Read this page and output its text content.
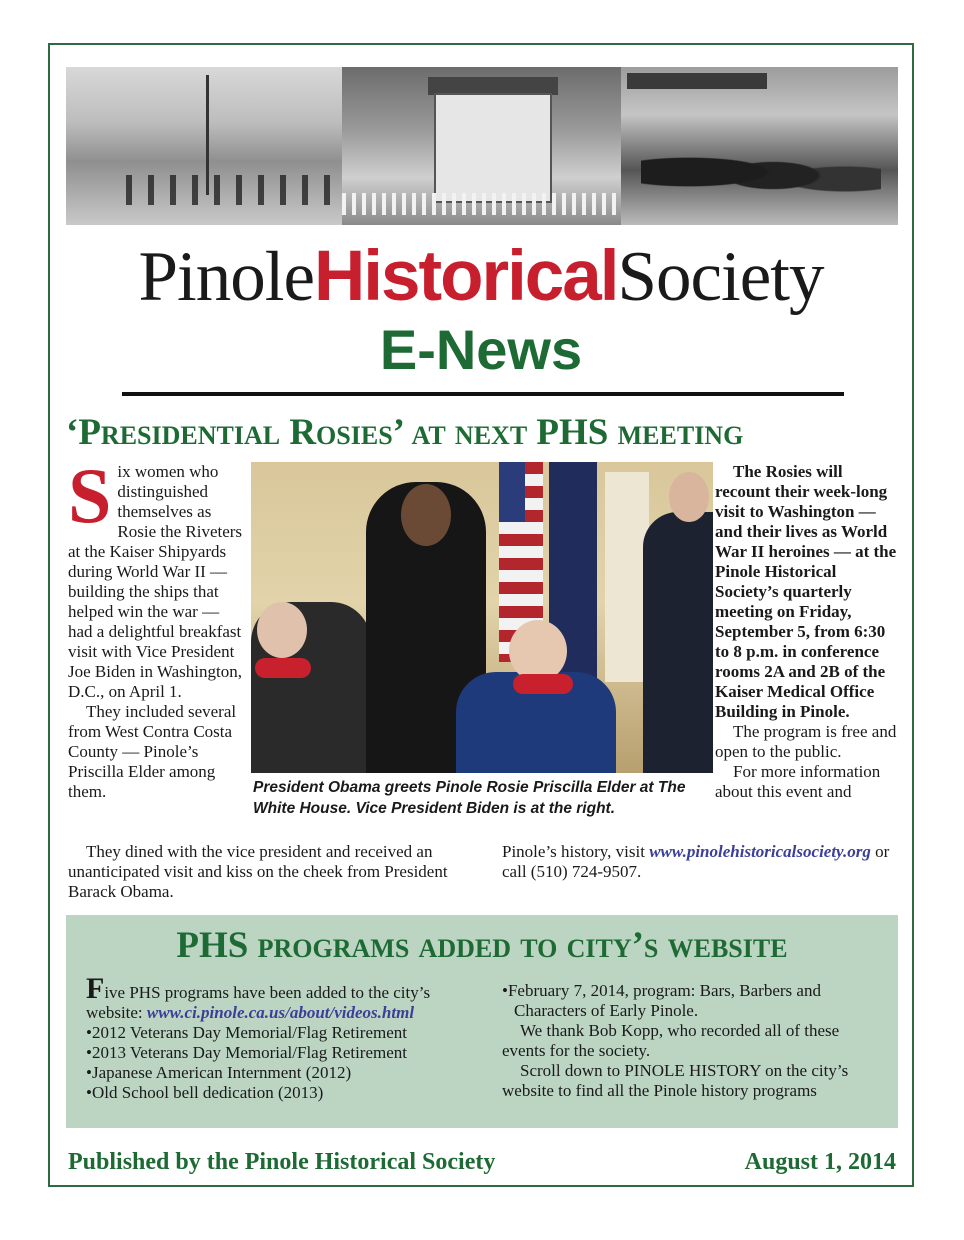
PinoleHistoricalSociety
E-News
‘Presidential Rosies’ at next PHS meeting
S ix women who distinguished themselves as Rosie the Riveters at the Kaiser Shipyards during World War II — building the ships that helped win the war — had a delightful breakfast visit with Vice President Joe Biden in Washington, D.C., on April 1.

They included several from West Contra Costa County — Pinole’s Priscilla Elder among them.	President Obama greets Pinole Rosie Priscilla Elder at The White House. Vice President Biden is at the right.

The Rosies will recount their week-long visit to Washington — and their lives as World War II heroines — at the Pinole Historical Society’s quarterly meeting on Friday, September 5, from 6:30 to 8 p.m. in conference rooms 2A and 2B of the Kaiser Medical Office Building in Pinole.

The program is free and open to the public.

For more information about this event and

They dined with the vice president and received an unanticipated visit and kiss on the cheek from President Barack Obama.

Pinole’s history, visit www.pinolehistoricalsociety.org or call (510) 724-9507.
PHS programs added to city’s website

Five PHS programs have been added to the city’s website: www.ci.pinole.ca.us/about/videos.html

• 2012 Veterans Day Memorial/Flag Retirement
• 2013 Veterans Day Memorial/Flag Retirement
• Japanese American Internment (2012)
• Old School bell dedication (2013)
• February 7, 2014, program: Bars, Barbers and Characters of Early Pinole.

We thank Bob Kopp, who recorded all of these events for the society.

Scroll down to PINOLE HISTORY on the city’s website to find all the Pinole history programs

Published by the Pinole Historical Society	August 1, 2014
